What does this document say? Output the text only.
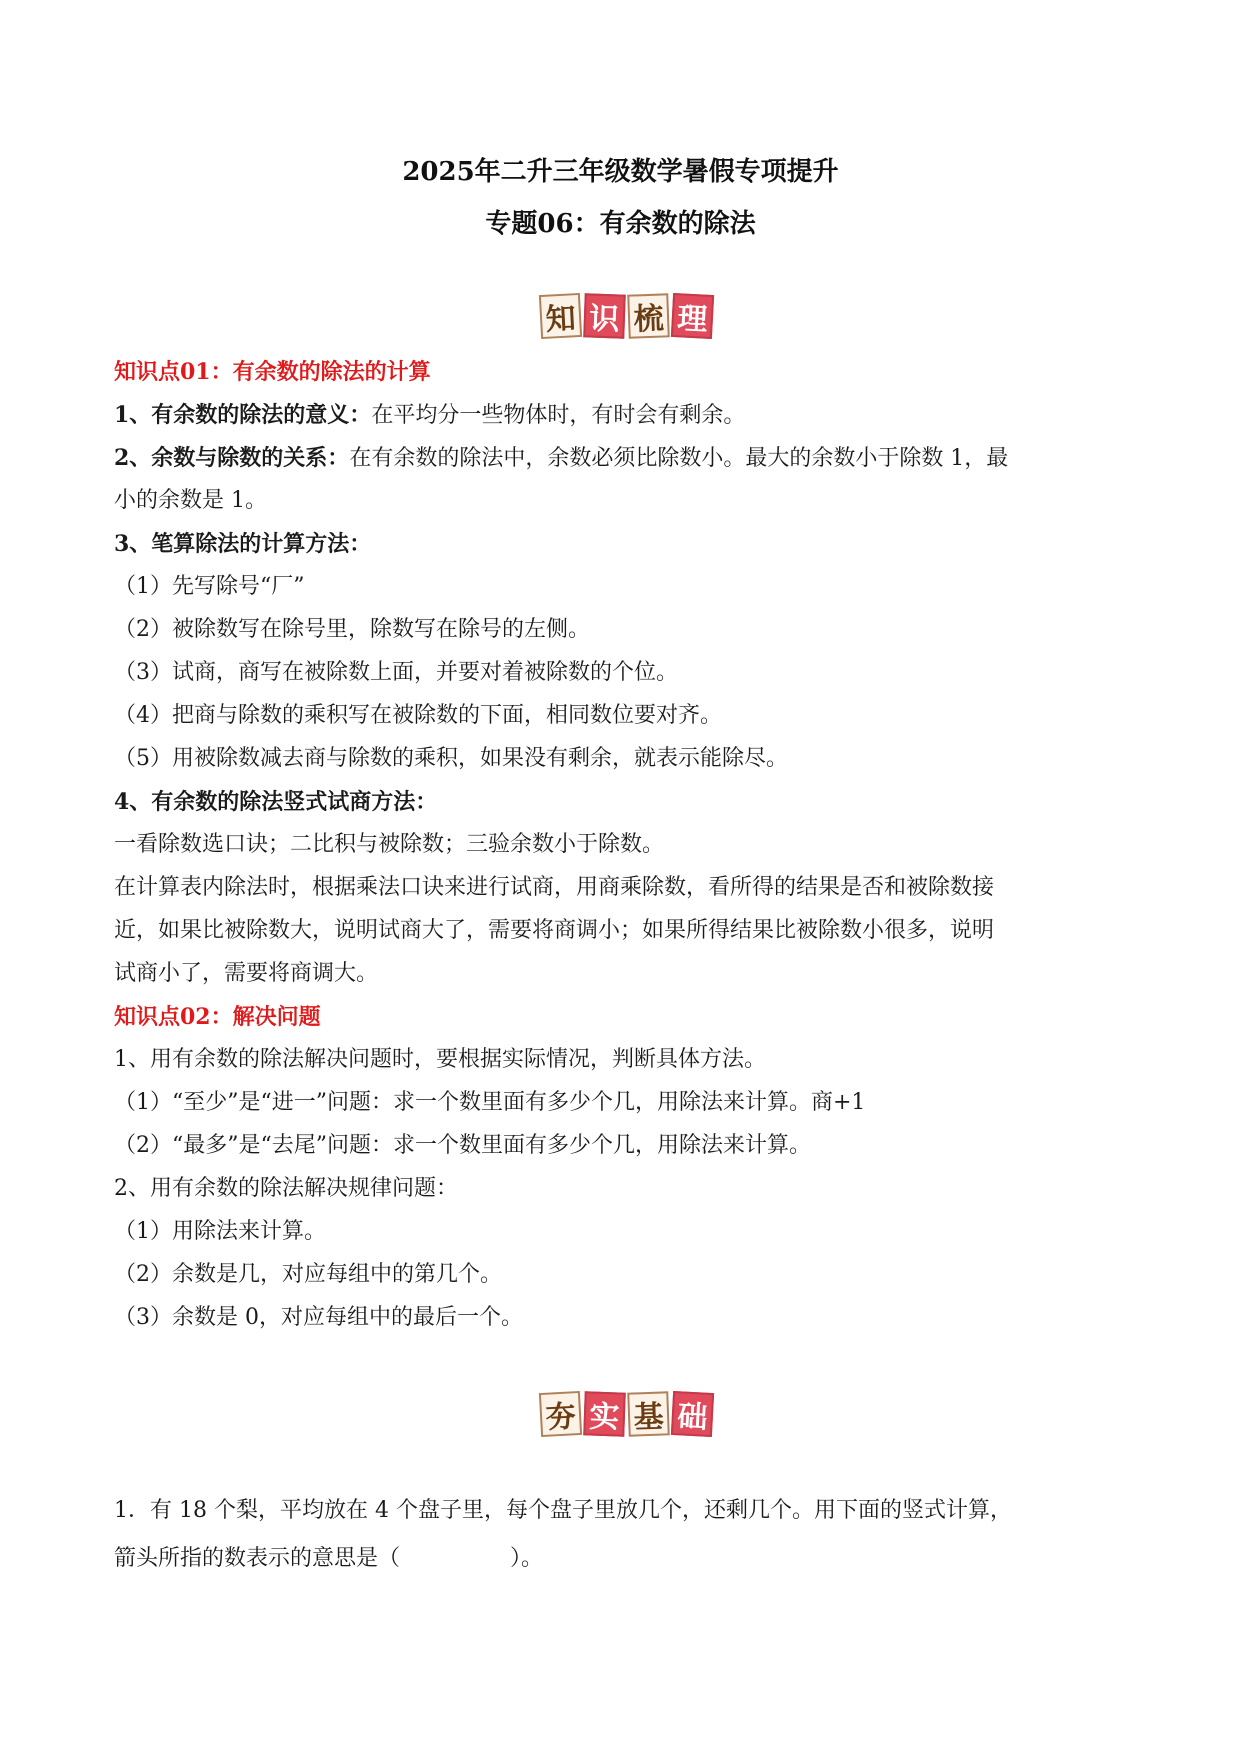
2025年二升三年级数学暑假专项提升
专题06：有余数的除法
知 识 梳 理
知识点01：有余数的除法的计算
1、有余数的除法的意义：在平均分一些物体时，有时会有剩余。
2、余数与除数的关系：在有余数的除法中，余数必须比除数小。最大的余数小于除数 1，最
小的余数是 1。
3、笔算除法的计算方法：
（1）先写除号“厂”
（2）被除数写在除号里，除数写在除号的左侧。
（3）试商，商写在被除数上面，并要对着被除数的个位。
（4）把商与除数的乘积写在被除数的下面，相同数位要对齐。
（5）用被除数减去商与除数的乘积，如果没有剩余，就表示能除尽。
4、有余数的除法竖式试商方法：
一看除数选口诀；二比积与被除数；三验余数小于除数。
在计算表内除法时，根据乘法口诀来进行试商，用商乘除数，看所得的结果是否和被除数接
近，如果比被除数大，说明试商大了，需要将商调小；如果所得结果比被除数小很多，说明
试商小了，需要将商调大。
知识点02：解决问题
1、用有余数的除法解决问题时，要根据实际情况，判断具体方法。
（1）“至少”是“进一”问题：求一个数里面有多少个几，用除法来计算。商+1
（2）“最多”是“去尾”问题：求一个数里面有多少个几，用除法来计算。
2、用有余数的除法解决规律问题：
（1）用除法来计算。
（2）余数是几，对应每组中的第几个。
（3）余数是 0，对应每组中的最后一个。
夯 实 基 础
1．有 18 个梨，平均放在 4 个盘子里，每个盘子里放几个，还剩几个。用下面的竖式计算，
箭头所指的数表示的意思是（	）。
